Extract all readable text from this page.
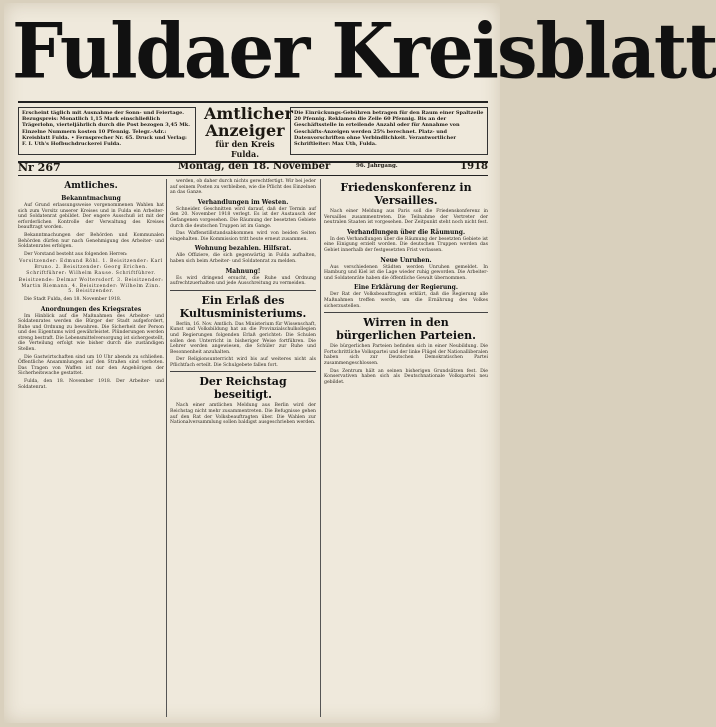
Fuldaer Kreisblatt
Erscheint täglich mit Ausnahme der Sonn- und Feiertage. Bezugspreis: Monatlich 1,15 Mark einschließlich Trägerlohn, vierteljährlich durch die Post bezogen 3,45 Mk. Einzelne Nummern kosten 10 Pfennig. Telegr.-Adr.: Kreisblatt Fulda. • Fernsprecher Nr. 65. Druck und Verlag: F. I. Uth's Hofbuchdruckerei Fulda.
Amtlicher
Anzeiger
für den Kreis
Fulda.
Die Einrückungs-Gebühren betragen für den Raum einer Spaltzeile 20 Pfennig. Reklamen die Zeile 60 Pfennig. Bis an der Geschäftsstelle in erteilende Anzahl oder für Annahme von Geschäfts-Anzeigen werden 25% berechnet. Platz- und Datenvorschriften ohne Verbindlichkeit. Verantwortlicher Schriftleiter: Max Uth, Fulda.
Nr 267	Montag, den 18. November	96. Jahrgang.	1918
Amtliches.
Bekanntmachung

Auf Grund erlassungsweise vorgenommenen Wahlen hat sich zum Vorsitz unserer Kreises und in Fulda ein Arbeiter- und Soldatenrat gebildet. Der engere Ausschuß ist mit der erforderlichen Kontrolle der Verwaltung des Kreises beauftragt worden.

Bekanntmachungen der Behörden und Kommunalen Behörden dürfen nur nach Genehmigung des Arbeiter- und Soldatenrates erfolgen.

Der Vorstand besteht aus folgenden Herren:

Vorsitzender: Edmund Röhl. 1. Beisitzender: Karl Bruno. 2. Beisitzender: Georg Erichen. Schriftführer: Wilhelm Rause. Schriftführer.

Beisitzende: Delmar Woltersdorf. 3. Beisitzender: Martin Riemann. 4. Beisitzender: Wilhelm Zinn. 5. Beisitzender.

Die Stadt Fulda, den 18. November 1918.

Anordnungen des Kriegsrates

Im Hinblick auf die Maßnahmen des Arbeiter- und Soldatenrates werden die Bürger der Stadt aufgefordert, Ruhe und Ordnung zu bewahren. Die Sicherheit der Person und des Eigentums wird gewährleistet. Plünderungen werden streng bestraft. Die Lebensmittelversorgung ist sichergestellt, die Verteilung erfolgt wie bisher durch die zuständigen Stellen.

Die Gastwirtschaften sind um 10 Uhr abends zu schließen. Öffentliche Ansammlungen auf den Straßen sind verboten. Das Tragen von Waffen ist nur den Angehörigen der Sicherheitswache gestattet.

Fulda, den 18. November 1918. Der Arbeiter- und Soldatenrat.

werden, ob daher durch nichts gerechtfertigt. Wir bei jeder auf seinem Posten zu verbleiben, wie die Pflicht des Einzelnen an das Ganze.

Verhandlungen im Westen.

Schneider. Geschnitten wird darauf, daß der Termin auf den 20. November 1918 verlegt. Es ist der Austausch der Gefangenen vorgesehen. Die Räumung der besetzten Gebiete durch die deutschen Truppen ist im Gange.

Das Waffenstillstandsabkommen wird von beiden Seiten eingehalten. Die Kommission tritt heute erneut zusammen.

Wohnung bezahlen. Hilfsrat.

Alle Offiziere, die sich gegenwärtig in Fulda aufhalten, haben sich beim Arbeiter- und Soldatenrat zu melden.

Mahnung!

Es wird dringend ersucht, die Ruhe und Ordnung aufrechtzuerhalten und jede Ausschreitung zu vermeiden.

Ein Erlaß des Kultusministeriums.

Berlin, 16. Nov. Amtlich. Das Ministerium für Wissenschaft, Kunst und Volksbildung hat an die Provinzialschulkollegien und Regierungen folgenden Erlaß gerichtet: Die Schulen sollen den Unterricht in bisheriger Weise fortführen. Die Lehrer werden angewiesen, die Schüler zur Ruhe und Besonnenheit anzuhalten.

Der Religionsunterricht wird bis auf weiteres nicht als Pflichtfach erteilt. Die Schulgebete fallen fort.

Der Reichstag beseitigt.

Nach einer amtlichen Meldung aus Berlin wird der Reichstag nicht mehr zusammentreten. Die Befugnisse gehen auf den Rat der Volksbeauftragten über. Die Wahlen zur Nationalversammlung sollen baldigst ausgeschrieben werden.

Friedenskonferenz in Versailles.

Nach einer Meldung aus Paris soll die Friedenskonferenz in Versailles zusammentreten. Die Teilnahme der Vertreter der neutralen Staaten ist vorgesehen. Der Zeitpunkt steht noch nicht fest.

Verhandlungen über die Räumung.

In den Verhandlungen über die Räumung der besetzten Gebiete ist eine Einigung erzielt worden. Die deutschen Truppen werden das Gebiet innerhalb der festgesetzten Frist verlassen.

Neue Unruhen.

Aus verschiedenen Städten werden Unruhen gemeldet. In Hamburg und Kiel ist die Lage wieder ruhig geworden. Die Arbeiter- und Soldatenräte haben die öffentliche Gewalt übernommen.

Eine Erklärung der Regierung.

Der Rat der Volksbeauftragten erklärt, daß die Regierung alle Maßnahmen treffen werde, um die Ernährung des Volkes sicherzustellen.

Wirren in den bürgerlichen Parteien.

Die bürgerlichen Parteien befinden sich in einer Neubildung. Die Fortschrittliche Volkspartei und der linke Flügel der Nationalliberalen haben sich zur Deutschen Demokratischen Partei zusammengeschlossen.

Das Zentrum hält an seinen bisherigen Grundsätzen fest. Die Konservativen haben sich als Deutschnationale Volkspartei neu gebildet.
